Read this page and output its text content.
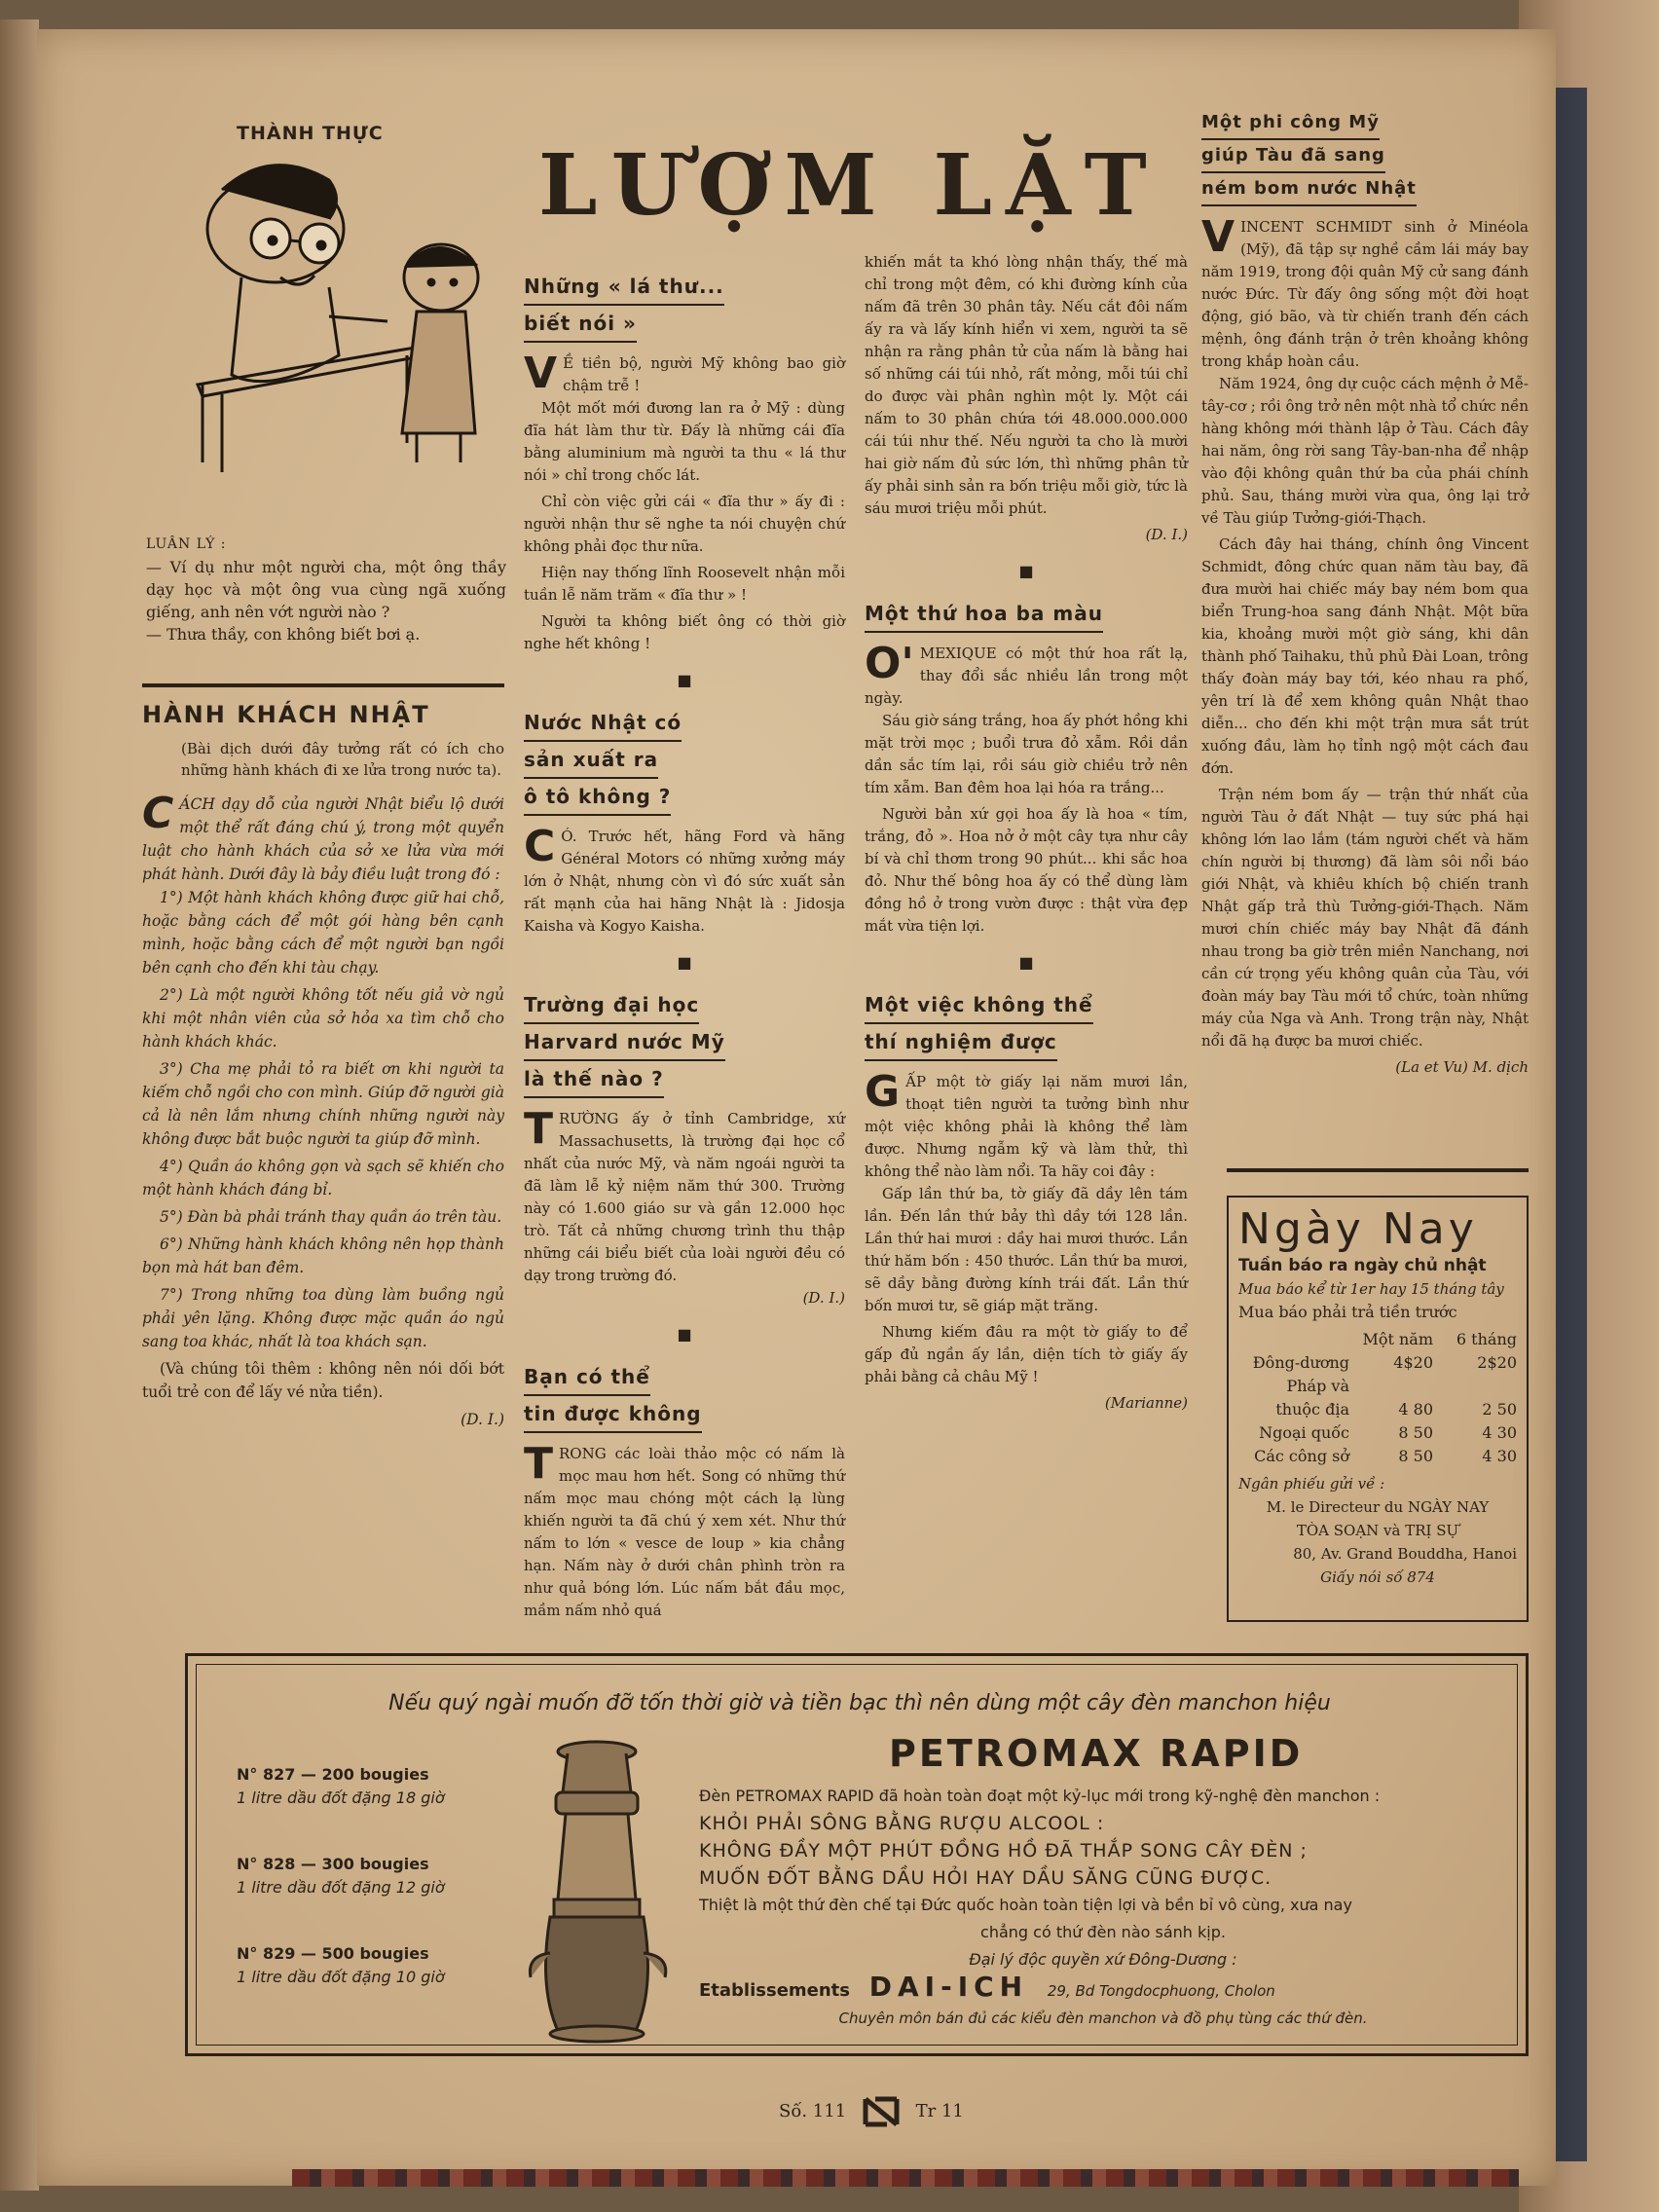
THÀNH THỰC
LƯỢM LẶT
LUÂN LÝ :
— Ví dụ như một người cha, một ông thầy dạy học và một ông vua cùng ngã xuống giếng, anh nên vớt người nào ?
— Thưa thầy, con không biết bơi ạ.
HÀNH KHÁCH NHẬT
(Bài dịch dưới đây tưởng rất có ích cho những hành khách đi xe lửa trong nước ta).
C ÁCH dạy dỗ của người Nhật biểu lộ dưới một thể rất đáng chú ý, trong một quyển luật cho hành khách của sở xe lửa vừa mới phát hành. Dưới đây là bảy điều luật trong đó :

1°) Một hành khách không được giữ hai chỗ, hoặc bằng cách để một gói hàng bên cạnh mình, hoặc bằng cách để một người bạn ngồi bên cạnh cho đến khi tàu chạy.

2°) Là một người không tốt nếu giả vờ ngủ khi một nhân viên của sở hỏa xa tìm chỗ cho hành khách khác.

3°) Cha mẹ phải tỏ ra biết ơn khi người ta kiếm chỗ ngồi cho con mình. Giúp đỡ người già cả là nên lắm nhưng chính những người này không được bắt buộc người ta giúp đỡ mình.

4°) Quần áo không gọn và sạch sẽ khiến cho một hành khách đáng bỉ.

5°) Đàn bà phải tránh thay quần áo trên tàu.

6°) Những hành khách không nên họp thành bọn mà hát ban đêm.

7°) Trong những toa dùng làm buồng ngủ phải yên lặng. Không được mặc quần áo ngủ sang toa khác, nhất là toa khách sạn.

(Và chúng tôi thêm : không nên nói dối bớt tuổi trẻ con để lấy vé nửa tiền).

(D. I.)
Những « lá thư...
biết nói »
V Ề tiền bộ, người Mỹ không bao giờ chậm trễ !

Một mốt mới đương lan ra ở Mỹ : dùng đĩa hát làm thư từ. Đấy là những cái đĩa bằng aluminium mà người ta thu « lá thư nói » chỉ trong chốc lát.

Chỉ còn việc gửi cái « đĩa thư » ấy đi : người nhận thư sẽ nghe ta nói chuyện chứ không phải đọc thư nữa.

Hiện nay thống lĩnh Roosevelt nhận mỗi tuần lễ năm trăm « đĩa thư » !

Người ta không biết ông có thời giờ nghe hết không !

■
Nước Nhật có
sản xuất ra
ô tô không ?
C Ó. Trước hết, hãng Ford và hãng Général Motors có những xưởng máy lớn ở Nhật, nhưng còn vì đó sức xuất sản rất mạnh của hai hãng Nhật là : Jidosja Kaisha và Kogyo Kaisha.
■
Trường đại học
Harvard nước Mỹ
là thế nào ?
TRƯỜNG ấy ở tỉnh Cambridge, xứ Massachusetts, là trường đại học cổ nhất của nước Mỹ, và năm ngoái người ta đã làm lễ kỷ niệm năm thứ 300. Trường này có 1.600 giáo sư và gần 12.000 học trò. Tất cả những chương trình thu thập những cái biểu biết của loài người đều có dạy trong trường đó.
(D. I.)
■
Bạn có thể
tin được không
TRONG các loài thảo mộc có nấm là mọc mau hơn hết. Song có những thứ nấm mọc mau chóng một cách lạ lùng khiến người ta đã chú ý xem xét. Như thứ nấm to lớn « vesce de loup » kia chẳng hạn. Nấm này ở dưới chân phình tròn ra như quả bóng lớn. Lúc nấm bắt đầu mọc, mầm nấm nhỏ quá

khiến mắt ta khó lòng nhận thấy, thế mà chỉ trong một đêm, có khi đường kính của nấm đã trên 30 phân tây. Nếu cắt đôi nấm ấy ra và lấy kính hiển vi xem, người ta sẽ nhận ra rằng phân tử của nấm là bằng hai số những cái túi nhỏ, rất mỏng, mỗi túi chỉ do được vài phân nghìn một ly. Một cái nấm to 30 phân chứa tới 48.000.000.000 cái túi như thế. Nếu người ta cho là mười hai giờ nấm đủ sức lớn, thì những phân tử ấy phải sinh sản ra bốn triệu mỗi giờ, tức là sáu mươi triệu mỗi phút.

(D. I.)
■
Một thứ hoa ba màu
O' MEXIQUE có một thứ hoa rất lạ, thay đổi sắc nhiều lần trong một ngày.

Sáu giờ sáng trắng, hoa ấy phớt hồng khi mặt trời mọc ; buổi trưa đỏ xẫm. Rồi dần dần sắc tím lại, rồi sáu giờ chiều trở nên tím xẫm. Ban đêm hoa lại hóa ra trắng...

Người bản xứ gọi hoa ấy là hoa « tím, trắng, đỏ ». Hoa nở ở một cây tựa như cây bí và chỉ thơm trong 90 phút... khi sắc hoa đỏ. Như thế bông hoa ấy có thể dùng làm đồng hồ ở trong vườn được : thật vừa đẹp mắt vừa tiện lợi.

■
Một việc không thể
thí nghiệm được
GẤP một tờ giấy lại năm mươi lần, thoạt tiên người ta tưởng bình như một việc không phải là không thể làm được. Nhưng ngẫm kỹ và làm thử, thì không thể nào làm nổi. Ta hãy coi đây :

Gấp lần thứ ba, tờ giấy đã dầy lên tám lần. Đến lần thứ bảy thì dầy tới 128 lần. Lần thứ hai mươi : dầy hai mươi thước. Lần thứ hăm bốn : 450 thước. Lần thứ ba mươi, sẽ dầy bằng đường kính trái đất. Lần thứ bốn mươi tư, sẽ giáp mặt trăng.

Nhưng kiếm đâu ra một tờ giấy to để gấp đủ ngần ấy lần, diện tích tờ giấy ấy phải bằng cả châu Mỹ !

(Marianne)
Một phi công Mỹ
giúp Tàu đã sang
ném bom nước Nhật
VINCENT SCHMIDT sinh ở Minéola (Mỹ), đã tập sự nghề cầm lái máy bay năm 1919, trong đội quân Mỹ cử sang đánh nước Đức. Từ đấy ông sống một đời hoạt động, gió bão, và từ chiến tranh đến cách mệnh, ông đánh trận ở trên khoảng không trong khắp hoàn cầu.

Năm 1924, ông dự cuộc cách mệnh ở Mễ-tây-cơ ; rồi ông trở nên một nhà tổ chức nền hàng không mới thành lập ở Tàu. Cách đây hai năm, ông rời sang Tây-ban-nha để nhập vào đội không quân thứ ba của phái chính phủ. Sau, tháng mười vừa qua, ông lại trở về Tàu giúp Tưởng-giới-Thạch.

Cách đây hai tháng, chính ông Vincent Schmidt, đông chức quan năm tàu bay, đã đưa mười hai chiếc máy bay ném bom qua biển Trung-hoa sang đánh Nhật. Một bữa kia, khoảng mười một giờ sáng, khi dân thành phố Taihaku, thủ phủ Đài Loan, trông thấy đoàn máy bay tới, kéo nhau ra phố, yên trí là để xem không quân Nhật thao diễn... cho đến khi một trận mưa sắt trút xuống đầu, làm họ tỉnh ngộ một cách đau đớn.

Trận ném bom ấy — trận thứ nhất của người Tàu ở đất Nhật — tuy sức phá hại không lớn lao lắm (tám người chết và hăm chín người bị thương) đã làm sôi nổi báo giới Nhật, và khiêu khích bộ chiến tranh Nhật gấp trả thù Tưởng-giới-Thạch. Năm mươi chín chiếc máy bay Nhật đã đánh nhau trong ba giờ trên miền Nanchang, nơi cần cứ trọng yếu không quân của Tàu, với đoàn máy bay Tàu mới tổ chức, toàn những máy của Nga và Anh. Trong trận này, Nhật nổi đã hạ được ba mươi chiếc.

(La et Vu) M. dịch
Ngày Nay
Tuần báo ra ngày chủ nhật
Mua báo kể từ 1er hay 15 tháng tây
Mua báo phải trả tiền trước
Một năm	6 tháng
Đông-dương	4$20	2$20
Pháp và
thuộc địa	4 80	2 50
Ngoại quốc	8 50	4 30
Các công sở	8 50	4 30
Ngân phiếu gửi về :
M. le Directeur du NGÀY NAY
TÒA SOẠN và TRỊ SỰ
80, Av. Grand Bouddha, Hanoi
Giấy nói số 874
Nếu quý ngài muốn đỡ tốn thời giờ và tiền bạc thì nên dùng một cây đèn manchon hiệu
PETROMAX RAPID
N° 827 — 200 bougies
1 litre dầu đốt đặng 18 giờ
N° 828 — 300 bougies
1 litre dầu đốt đặng 12 giờ
N° 829 — 500 bougies
1 litre dầu đốt đặng 10 giờ
Đèn PETROMAX RAPID đã hoàn toàn đoạt một kỷ-lục mới trong kỹ-nghệ đèn manchon :
KHỎI PHẢI SÔNG BẰNG RƯỢU ALCOOL :
KHÔNG ĐẦY MỘT PHÚT ĐỒNG HỒ ĐÃ THẮP SONG CÂY ĐÈN ;
MUỐN ĐỐT BẰNG DẦU HỎI HAY DẦU SĂNG CŨNG ĐƯỢC.
Thiệt là một thứ đèn chế tại Đức quốc hoàn toàn tiện lợi và bền bỉ vô cùng, xưa nay
chẳng có thứ đèn nào sánh kịp.
Đại lý độc quyền xứ Đông-Dương :
Etablissements DAI-ICH 29, Bd Tongdocphuong, Cholon
Chuyên môn bán đủ các kiểu đèn manchon và đồ phụ tùng các thứ đèn.
Số. 111	Tr 11
